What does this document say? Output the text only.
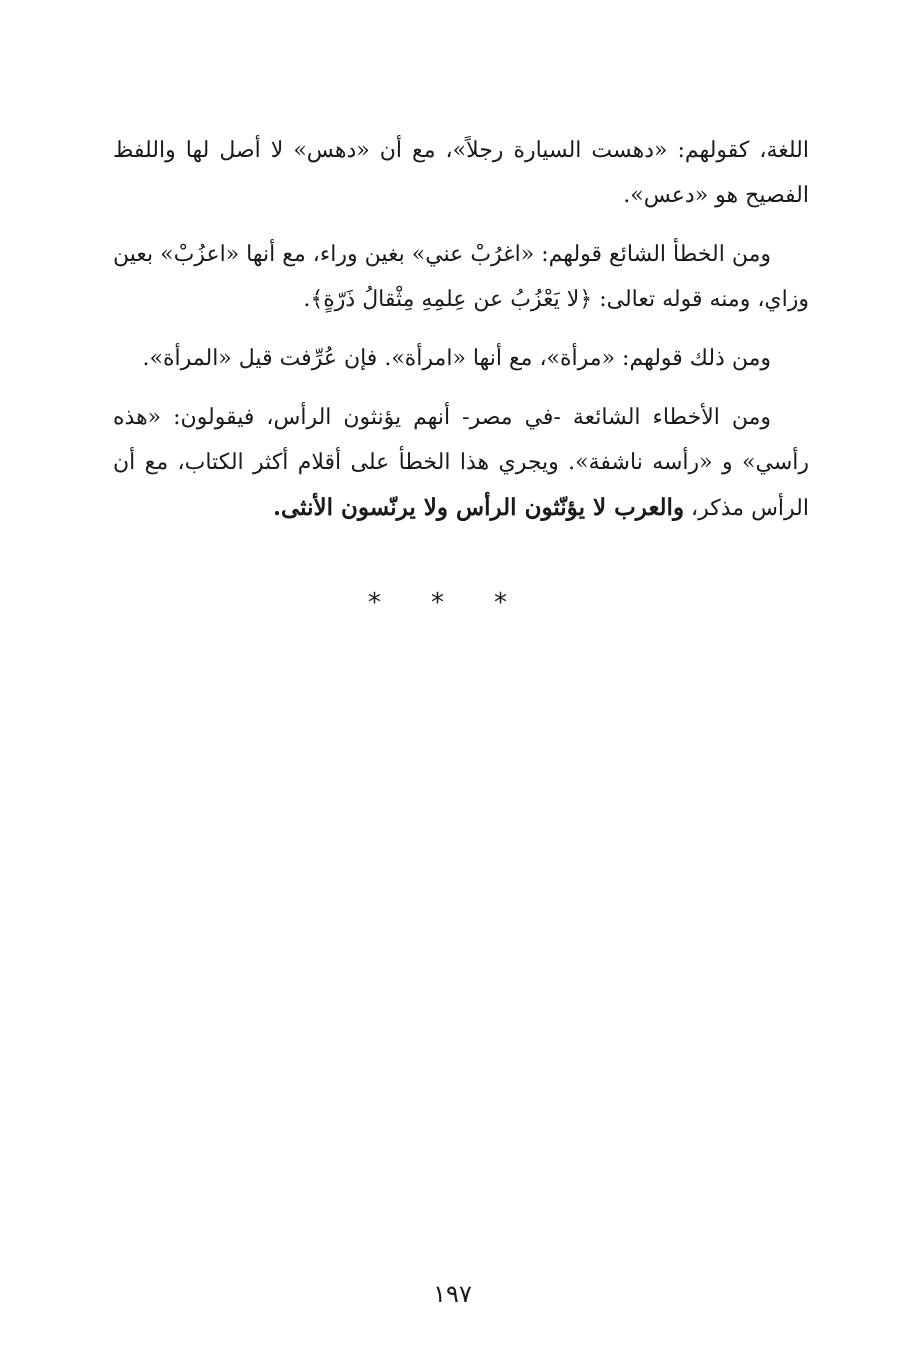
اللغة، كقولهم: «دهست السيارة رجلاً»، مع أن «دهس» لا أصل لها واللفظ الفصيح هو «دعس».

ومن الخطأ الشائع قولهم: «اغرُبْ عني» بغين وراء، مع أنها «اعزُبْ» بعين وزاي، ومنه قوله تعالى: ﴿لا يَعْزُبُ عن عِلمِهِ مِثْقالُ ذَرّةٍ﴾.

ومن ذلك قولهم: «مرأة»، مع أنها «امرأة». فإن عُرِّفت قيل «المرأة».

ومن الأخطاء الشائعة -في مصر- أنهم يؤنثون الرأس، فيقولون: «هذه رأسي» و «رأسه ناشفة». ويجري هذا الخطأ على أقلام أكثر الكتاب، مع أن الرأس مذكر، والعرب لا يؤنّثون الرأس ولا يرنّسون الأنثى.

* * *
١٩٧
